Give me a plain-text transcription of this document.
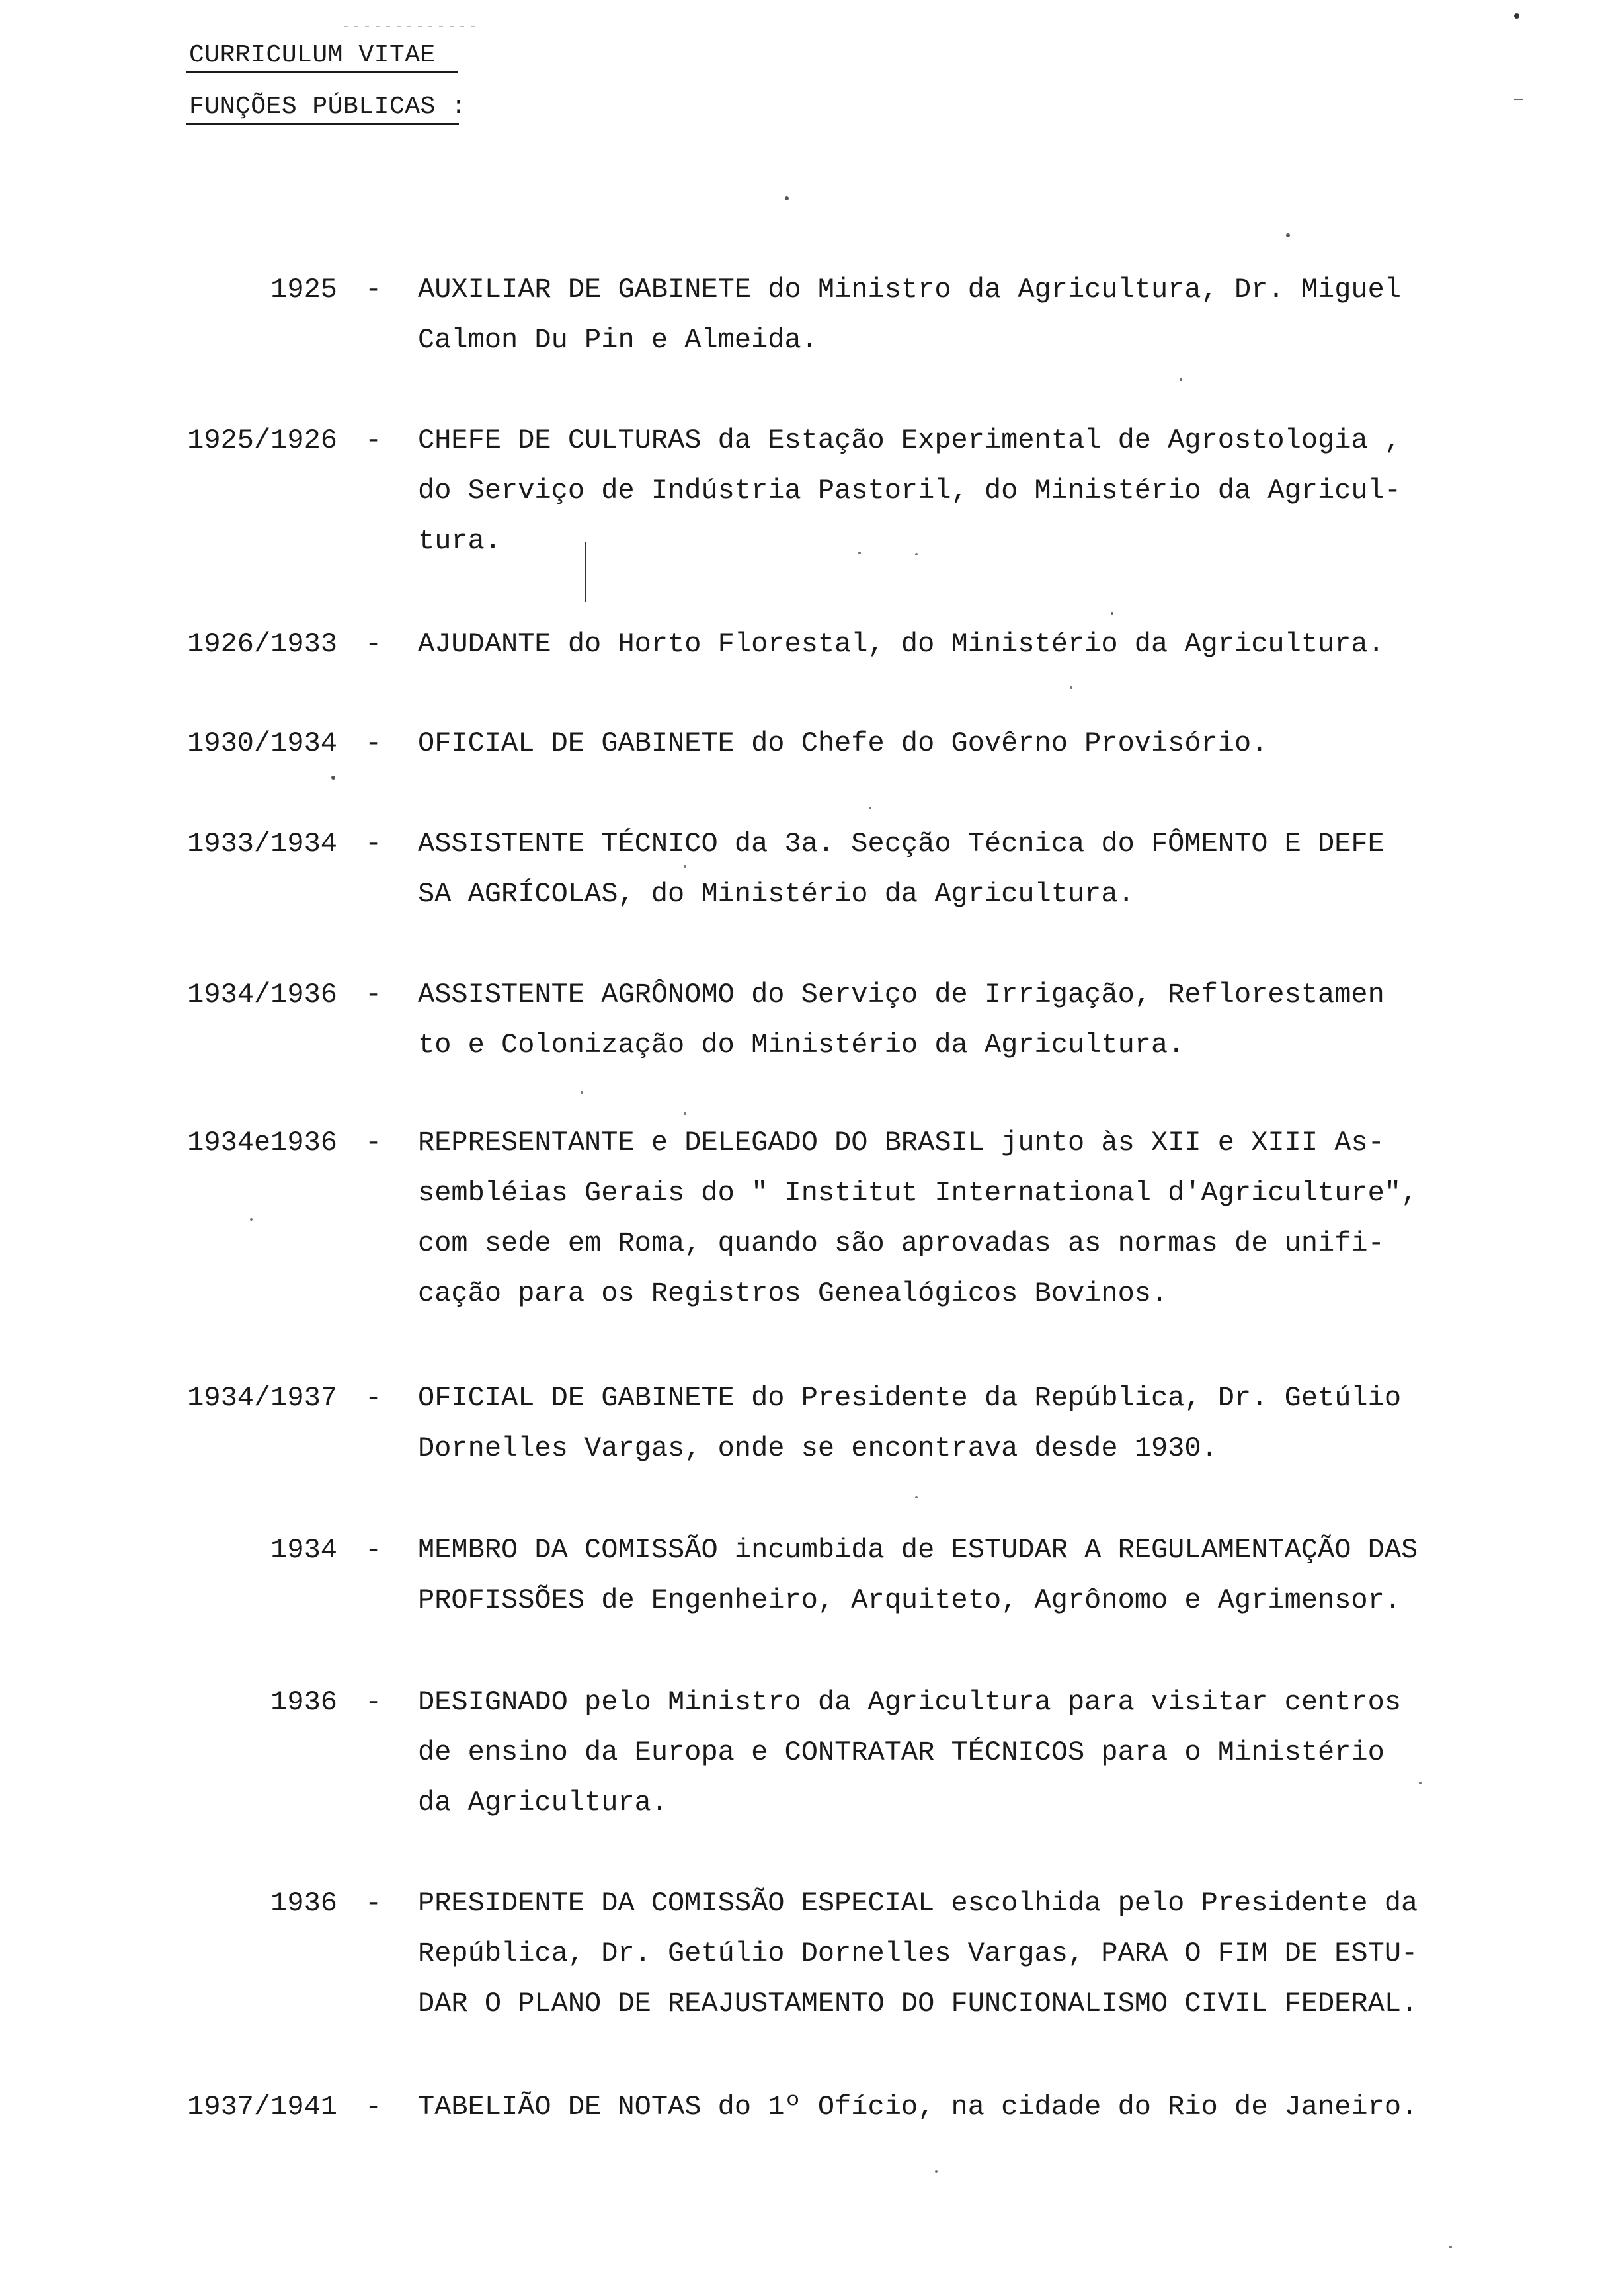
CURRICULUM VITAE
FUNÇÕES PÚBLICAS :
1925 - AUXILIAR DE GABINETE do Ministro da Agricultura, Dr. Miguel
Calmon Du Pin e Almeida.

1925/1926 - CHEFE DE CULTURAS da Estação Experimental de Agrostologia ,
do Serviço de Indústria Pastoril, do Ministério da Agricul-
tura.

1926/1933 - AJUDANTE do Horto Florestal, do Ministério da Agricultura.

1930/1934 - OFICIAL DE GABINETE do Chefe do Govêrno Provisório.

1933/1934 - ASSISTENTE TÉCNICO da 3a. Secção Técnica do FÔMENTO E DEFE
SA AGRÍCOLAS, do Ministério da Agricultura.

1934/1936 - ASSISTENTE AGRÔNOMO do Serviço de Irrigação, Reflorestamen
to e Colonização do Ministério da Agricultura.

1934e1936 - REPRESENTANTE e DELEGADO DO BRASIL junto às XII e XIII As-
sembléias Gerais do " Institut International d'Agriculture",
com sede em Roma, quando são aprovadas as normas de unifi-
cação para os Registros Genealógicos Bovinos.

1934/1937 - OFICIAL DE GABINETE do Presidente da República, Dr. Getúlio
Dornelles Vargas, onde se encontrava desde 1930.

1934 - MEMBRO DA COMISSÃO incumbida de ESTUDAR A REGULAMENTAÇÃO DAS
PROFISSÕES de Engenheiro, Arquiteto, Agrônomo e Agrimensor.

1936 - DESIGNADO pelo Ministro da Agricultura para visitar centros
de ensino da Europa e CONTRATAR TÉCNICOS para o Ministério
da Agricultura.

1936 - PRESIDENTE DA COMISSÃO ESPECIAL escolhida pelo Presidente da
República, Dr. Getúlio Dornelles Vargas, PARA O FIM DE ESTU-
DAR O PLANO DE REAJUSTAMENTO DO FUNCIONALISMO CIVIL FEDERAL.

1937/1941 - TABELIÃO DE NOTAS do 1º Ofício, na cidade do Rio de Janeiro.
